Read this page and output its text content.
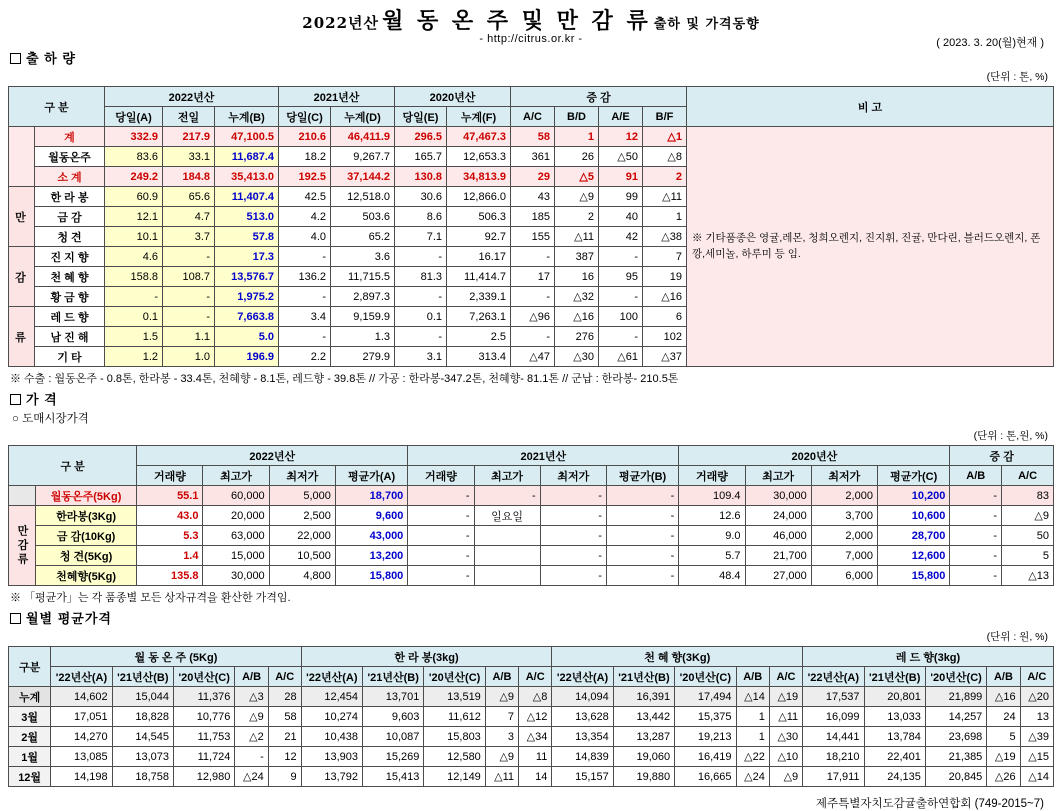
2022년산 월 동 온 주 및 만 감 류 출하 및 가격동향
( 2023. 3. 20(월)현재 )
- http://citrus.or.kr -
출 하 량
(단위 : 톤, %)
구 분		2022년산			2021년산		2020년산		증 감				비 고
		당일(A)	전일	누계(B)	당일(C)	누계(D)	당일(E)	누계(F)	A/C	B/D	A/E	B/F	
	계	332.9	217.9	47,100.5	210.6	46,411.9	296.5	47,467.3	58	1	12	△1	※ 기타품종은 영귤,레몬, 청희오렌지, 진지휘, 진귤, 만다린, 블러드오렌지, 폰깡,세미놀, 하루미 등 임.
	월동온주	83.6	33.1	11,687.4	18.2	9,267.7	165.7	12,653.3	361	26	△50	△8	
	소 계	249.2	184.8	35,413.0	192.5	37,144.2	130.8	34,813.9	29	△5	91	2	
만	한 라 봉	60.9	65.6	11,407.4	42.5	12,518.0	30.6	12,866.0	43	△9	99	△11	
	금 감	12.1	4.7	513.0	4.2	503.6	8.6	506.3	185	2	40	1	
	청 견	10.1	3.7	57.8	4.0	65.2	7.1	92.7	155	△11	42	△38	
감	진 지 향	4.6	-	17.3	-	3.6	-	16.17	-	387	-	7	
	천 혜 향	158.8	108.7	13,576.7	136.2	11,715.5	81.3	11,414.7	17	16	95	19	
	황 금 향	-	-	1,975.2	-	2,897.3	-	2,339.1	-	△32	-	△16	
류	레 드 향	0.1	-	7,663.8	3.4	9,159.9	0.1	7,263.1	△96	△16	100	6	
	남 진 해	1.5	1.1	5.0	-	1.3	-	2.5	-	276	-	102	
	기 타	1.2	1.0	196.9	2.2	279.9	3.1	313.4	△47	△30	△61	△37	
※ 수출 : 월동온주 - 0.8톤, 한라봉 - 33.4톤, 천혜향 - 8.1톤, 레드향 - 39.8톤 // 가공 : 한라봉-347.2톤, 천혜향- 81.1톤 // 군납 : 한라봉- 210.5톤
가 격
○ 도매시장가격
(단위 : 톤,원, %)
구 분		2022년산				2021년산				2020년산				증 감	
		거래량	최고가	최저가	평균가(A)	거래량	최고가	최저가	평균가(B)	거래량	최고가	최저가	평균가(C)	A/B	A/C
	월동온주(5Kg)	55.1	60,000	5,000	18,700	-	-	-	-	109.4	30,000	2,000	10,200	-	83
만감류	한라봉(3Kg)	43.0	20,000	2,500	9,600	-	일요일	-	-	12.6	24,000	3,700	10,600	-	△9
	금 감(10Kg)	5.3	63,000	22,000	43,000	-		-	-	9.0	46,000	2,000	28,700	-	50
	청 견(5Kg)	1.4	15,000	10,500	13,200	-		-	-	5.7	21,700	7,000	12,600	-	5
	천혜향(5Kg)	135.8	30,000	4,800	15,800	-		-	-	48.4	27,000	6,000	15,800	-	△13
※ 「평균가」는 각 품종별 모든 상자규격을 환산한 가격임.
월별 평균가격
(단위 : 원, %)
구분	월 동 온 주 (5Kg)					한 라 봉(3kg)					천 혜 향(3Kg)					레 드 향(3kg)				
	'22년산(A)	'21년산(B)	'20년산(C)	A/B	A/C	'22년산(A)	'21년산(B)	'20년산(C)	A/B	A/C	'22년산(A)	'21년산(B)	'20년산(C)	A/B	A/C	'22년산(A)	'21년산(B)	'20년산(C)	A/B	A/C
누계	14,602	15,044	11,376	△3	28	12,454	13,701	13,519	△9	△8	14,094	16,391	17,494	△14	△19	17,537	20,801	21,899	△16	△20
3월	17,051	18,828	10,776	△9	58	10,274	9,603	11,612	7	△12	13,628	13,442	15,375	1	△11	16,099	13,033	14,257	24	13
2월	14,270	14,545	11,753	△2	21	10,438	10,087	15,803	3	△34	13,354	13,287	19,213	1	△30	14,441	13,784	23,698	5	△39
1월	13,085	13,073	11,724	-	12	13,903	15,269	12,580	△9	11	14,839	19,060	16,419	△22	△10	18,210	22,401	21,385	△19	△15
12월	14,198	18,758	12,980	△24	9	13,792	15,413	12,149	△11	14	15,157	19,880	16,665	△24	△9	17,911	24,135	20,845	△26	△14
제주특별자치도감귤출하연합회 (749-2015~7)
